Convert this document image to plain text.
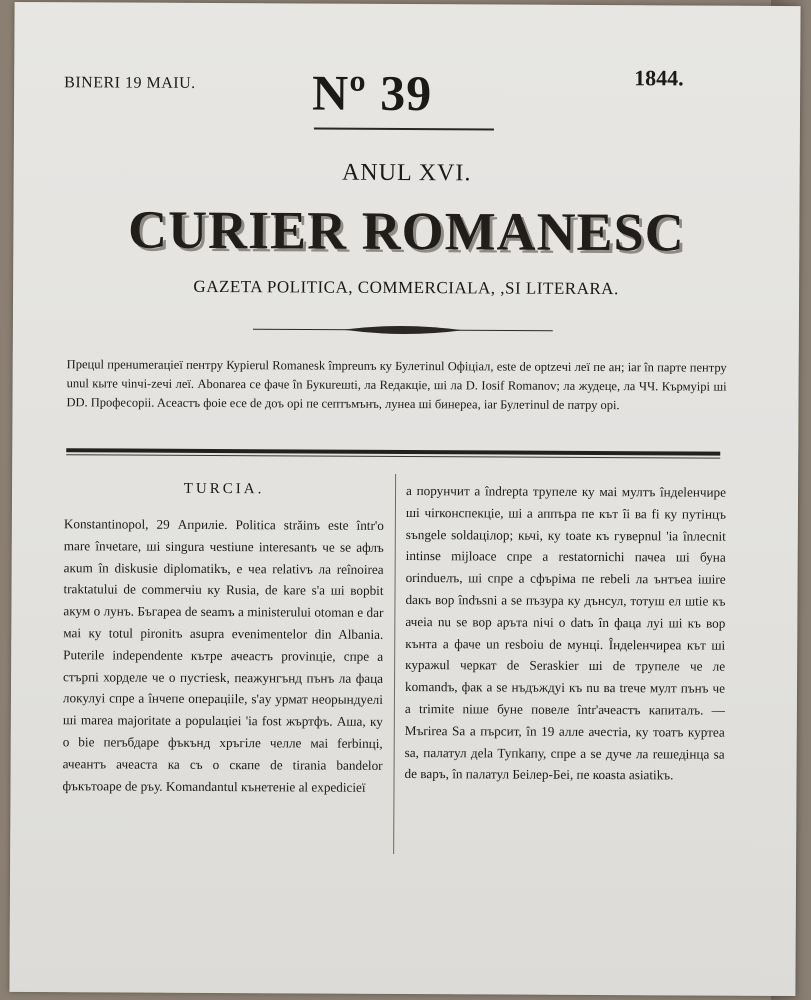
BINERI 19 MAIU. Nº 39	1844.
ANUL XVI.
CURIER ROMANESC
GAZETA POLITICA, COMMERCIALA, ,SI LITERARA.

Прецul пренumeraцieї пентру Курierul Romanesk împreunъ ку Булетinul Офiцiал, este de optzeчi леї пе ан; iar în парте пентру unul кыте чinчi-zeчi леї. Abonarea се фаче în Букureшti, ла Reдакцie, шi ла D. Iosif Romanov; ла жудеце, ла ЧЧ. Кърмуiрi шi DD. Професорii. Acеастъ фoie есе de доъ орi пе сeптъмънъ, лунеа шi бинереа, iar Булетinul de патру орi.

TURCIA.

Konstantinopol, 29 Априлie. Politica străinъ este într'o mare înчetare, шi singura чestiune interesantъ че se афлъ акum în diskusie diplomatikъ, e чеа relativъ ла reînoirea traktatului de commerчiu ку Rusia, de kare s'a шi ворbit акум о лунъ. Бъгареа de seamъ a ministerului otoman e dar маi ку totul pironitъ asupra evenimentelor din Albania. Puterile independente кътре ачеастъ provinцie, спре a стърпi хорделе че о пустiesk, пеажунгънд пънъ ла фаца локулуi спре a îнчепе операцiile, s'aу урмат неорындуелi шi marea majoritate a populaцiei 'iа fost жъртфъ. Аша, ку о bie пеrъбдаре фъкънд хръгiле челле маi ferbinцi, ачеантъ ачеаста ка съ о скапе de tirania bandelor фъкътоаре de ръу. Komandantul кънетенie al expedicieї

a порунчит a îndreptа трупеле ку маi мултъ îндеlенчире шi чirконспекцie, шi a аппъра пе кът îi ва fi ку путiнцъ sъngele soldaцiлор; кьчi, ку toate къ гуверnul 'iа înлесnit intinse mijloace спре a restatornichi пачеа шi буна orindueлъ, шi спре a сфърiма пе rebeli ла ънтъеа iшire daкъ вор îndъsni a se пъзура ку дънсул, тотуш ел шtie къ ачеia nu se вор аръта niчi о datъ în фаца луi шi къ вор кънта а фаче un resboiu de мунцi. Îндеlенчирea кът шi куражul черкат de Seraskier шi de трупеле че ле komandъ, фак a se нъдъждуi къ nu ва treче мулт пънъ че a trimite niшe буне повеле într'ачеастъ капиталъ. — Mъrirea Sa a пърсит, în 19 алле ачестia, ку тоатъ куртеа sa, палатул деla Тупkапу, спре a se дуче ла reшeдiнца sa de варъ, în палатул Беiлер-Беi, пе коаsta asiatikъ.
